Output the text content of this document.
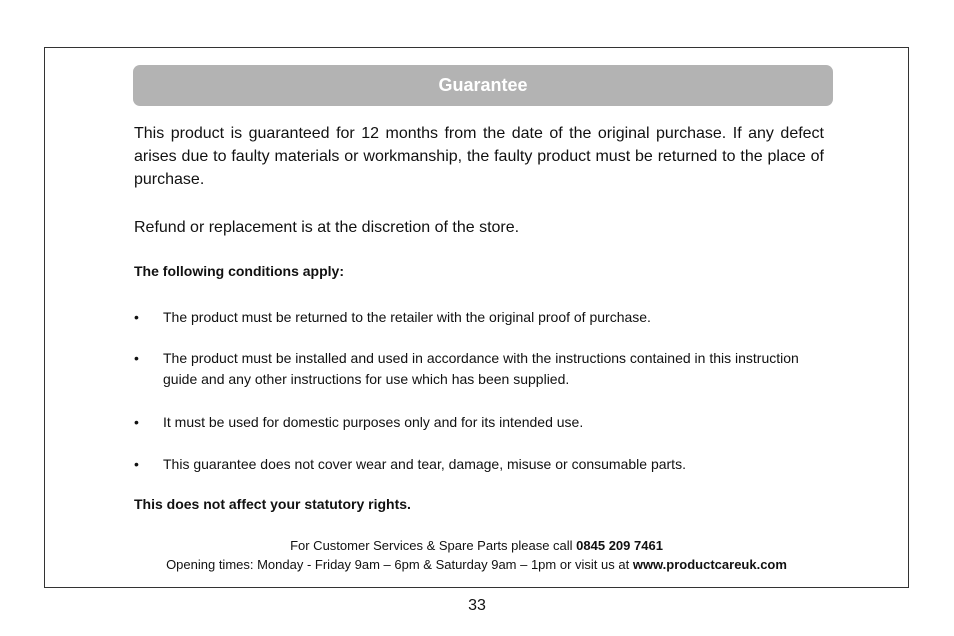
Guarantee

This product is guaranteed for 12 months from the date of the original purchase. If any defect arises due to faulty materials or workmanship, the faulty product must be returned to the place of purchase.

Refund or replacement is at the discretion of the store.

The following conditions apply:

• The product must be returned to the retailer with the original proof of purchase.
• The product must be installed and used in accordance with the instructions contained in this instruction guide and any other instructions for use which has been supplied.
• It must be used for domestic purposes only and for its intended use.
• This guarantee does not cover wear and tear, damage, misuse or consumable parts.

This does not affect your statutory rights.

For Customer Services & Spare Parts please call 0845 209 7461
Opening times: Monday - Friday 9am – 6pm & Saturday 9am – 1pm or visit us at www.productcareuk.com
33
